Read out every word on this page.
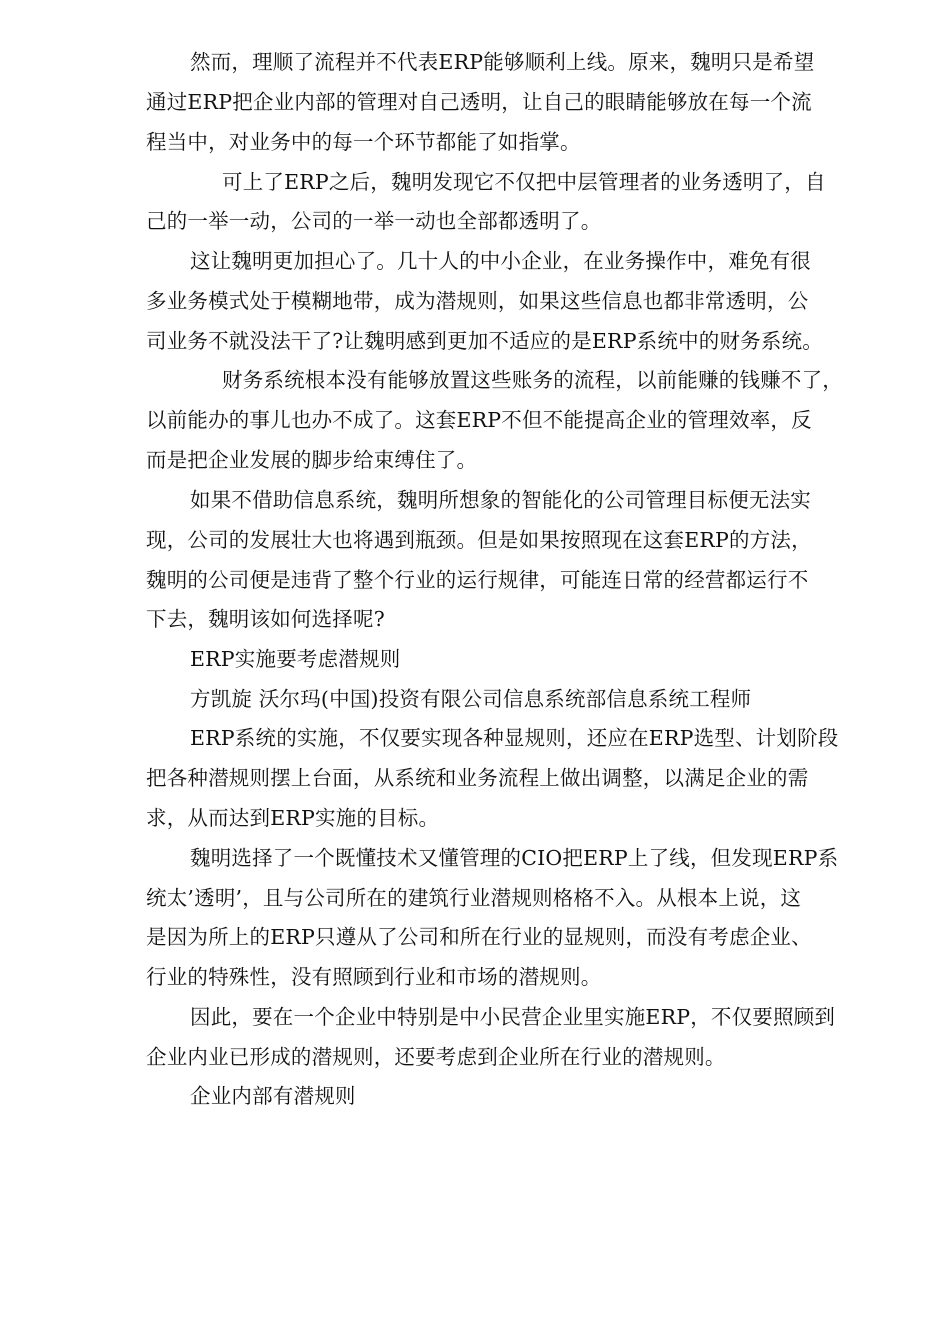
然而，理顺了流程并不代表ERP能够顺利上线。原来，魏明只是希望
通过ERP把企业内部的管理对自己透明，让自己的眼睛能够放在每一个流
程当中，对业务中的每一个环节都能了如指掌。
可上了ERP之后，魏明发现它不仅把中层管理者的业务透明了，自
己的一举一动，公司的一举一动也全部都透明了。
这让魏明更加担心了。几十人的中小企业，在业务操作中，难免有很
多业务模式处于模糊地带，成为潜规则，如果这些信息也都非常透明，公
司业务不就没法干了?让魏明感到更加不适应的是ERP系统中的财务系统。
财务系统根本没有能够放置这些账务的流程，以前能赚的钱赚不了，
以前能办的事儿也办不成了。这套ERP不但不能提高企业的管理效率，反
而是把企业发展的脚步给束缚住了。
如果不借助信息系统，魏明所想象的智能化的公司管理目标便无法实
现，公司的发展壮大也将遇到瓶颈。但是如果按照现在这套ERP的方法，
魏明的公司便是违背了整个行业的运行规律，可能连日常的经营都运行不
下去，魏明该如何选择呢?
ERP实施要考虑潜规则
方凯旋 沃尔玛(中国)投资有限公司信息系统部信息系统工程师
ERP系统的实施，不仅要实现各种显规则，还应在ERP选型、计划阶段
把各种潜规则摆上台面，从系统和业务流程上做出调整，以满足企业的需
求，从而达到ERP实施的目标。
魏明选择了一个既懂技术又懂管理的CIO把ERP上了线，但发现ERP系
统太’透明’，且与公司所在的建筑行业潜规则格格不入。从根本上说，这
是因为所上的ERP只遵从了公司和所在行业的显规则，而没有考虑企业、
行业的特殊性，没有照顾到行业和市场的潜规则。
因此，要在一个企业中特别是中小民营企业里实施ERP，不仅要照顾到
企业内业已形成的潜规则，还要考虑到企业所在行业的潜规则。
企业内部有潜规则
